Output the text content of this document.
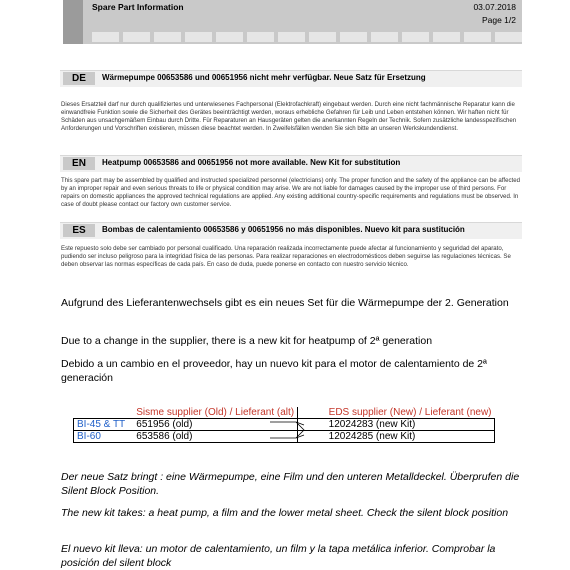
Spare Part Information	03.07.2018
Page 1/2
DE	Wärmepumpe 00653586 und 00651956 nicht mehr verfügbar. Neue Satz für Ersetzung
Dieses Ersatzteil darf nur durch qualifiziertes und unterwiesenes Fachpersonal (Elektrofachkraft) eingebaut werden. Durch eine nicht fachmännische Reparatur kann die einwandfreie Funktion sowie die Sicherheit des Gerätes beeinträchtigt werden, woraus erhebliche Gefahren für Leib und Leben entstehen können. Wir haften nicht für Schäden aus unsachgemäßem Einbau durch Dritte. Für Reparaturen an Hausgeräten gelten die anerkannten Regeln der Technik. Sofern zusätzliche landesspezifischen Anforderungen und Vorschriften existieren, müssen diese beachtet werden. In Zweifelsfällen wenden Sie sich bitte an unseren Werkskundendienst.
EN	Heatpump 00653586 and 00651956 not more available. New Kit for substitution
This spare part may be assembled by qualified and instructed specialized personnel (electricians) only. The proper function and the safety of the appliance can be affected by an improper repair and even serious threats to life or physical condition may arise. We are not liable for damages caused by the improper use of third persons. For repairs on domestic appliances the approved technical regulations are applied. Any existing additional country-specific requirements and regulations must be observed. In case of doubt please contact our factory own customer service.
ES	Bombas de calentamiento 00653586 y 00651956 no más disponibles. Nuevo kit para sustitución
Este repuesto solo debe ser cambiado por personal cualificado. Una reparación realizada incorrectamente puede afectar al funcionamiento y seguridad del aparato, pudiendo ser incluso peligroso para la integridad física de las personas. Para realizar reparaciones en electrodomésticos deben seguirse las regulaciones técnicas. Se deben observar las normas específicas de cada país. En caso de duda, puede ponerse en contacto con nuestro servicio técnico.
Aufgrund des Lieferantenwechsels gibt es ein neues Set für die Wärmepumpe der 2. Generation
Due to a change in the supplier, there is a new kit for heatpump of 2ª generation
Debido a un cambio en el proveedor, hay un nuevo kit para el motor de calentamiento de 2ª generación
	Sisme supplier (Old) / Lieferant (alt)		EDS supplier (New) / Lieferant (new)
BI-45 & TT	651956 (old)		12024283 (new Kit)
BI-60	653586 (old)		12024285 (new Kit)
Der neue Satz bringt : eine Wärmepumpe, eine Film und den unteren Metalldeckel. Überprufen die Silent Block Position.
The new kit takes: a heat pump, a film and the lower metal sheet. Check the silent block position
El nuevo kit lleva: un motor de calentamiento, un film y la tapa metálica inferior. Comprobar la posición del silent block
